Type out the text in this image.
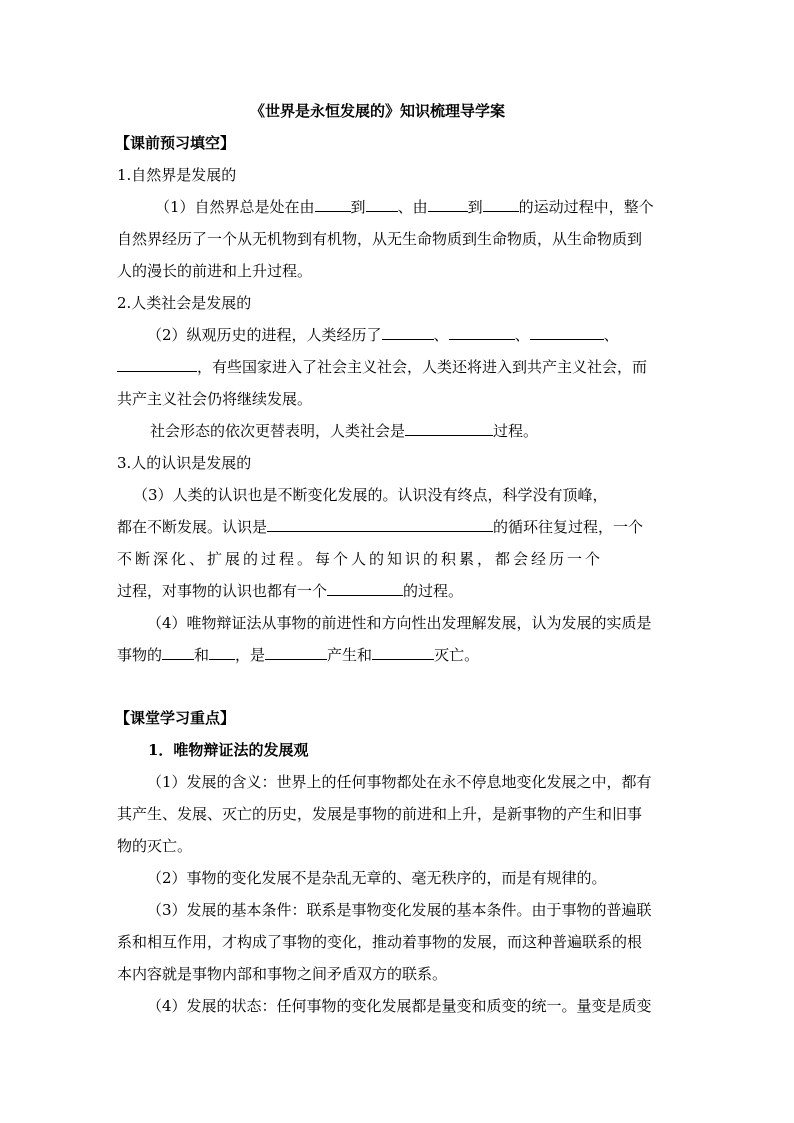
《世界是永恒发展的》知识梳理导学案
【课前预习填空】
1.自然界是发展的
（1）自然界总是处在由 到 、由	到 的运动过程中，整个
自然界经历了一个从无机物到有机物，从无生命物质到生命物质，从生命物质到
人的漫长的前进和上升过程。
2.人类社会是发展的
（2）纵观历史的进程，人类经历了	、	、	、
，有些国家进入了社会主义社会，人类还将进入到共产主义社会，而
共产主义社会仍将继续发展。
社会形态的依次更替表明，人类社会是	过程。
3.人的认识是发展的
（3）人类的认识也是不断变化发展的。认识没有终点，科学没有顶峰，
都在不断发展。认识是	的循环往复过程，一个
不断深化、扩展的过程。每个人的知识的积累，都会经历一个
过程，对事物的认识也都有一个	的过程。
（4）唯物辩证法从事物的前进性和方向性出发理解发展，认为发展的实质是
事物的 和 ，是	产生和	灭亡。
【课堂学习重点】
1．唯物辩证法的发展观
（1）发展的含义：世界上的任何事物都处在永不停息地变化发展之中，都有
其产生、发展、灭亡的历史，发展是事物的前进和上升，是新事物的产生和旧事
物的灭亡。
（2）事物的变化发展不是杂乱无章的、毫无秩序的，而是有规律的。
（3）发展的基本条件：联系是事物变化发展的基本条件。由于事物的普遍联
系和相互作用，才构成了事物的变化，推动着事物的发展，而这种普遍联系的根
本内容就是事物内部和事物之间矛盾双方的联系。
（4）发展的状态：任何事物的变化发展都是量变和质变的统一。量变是质变
